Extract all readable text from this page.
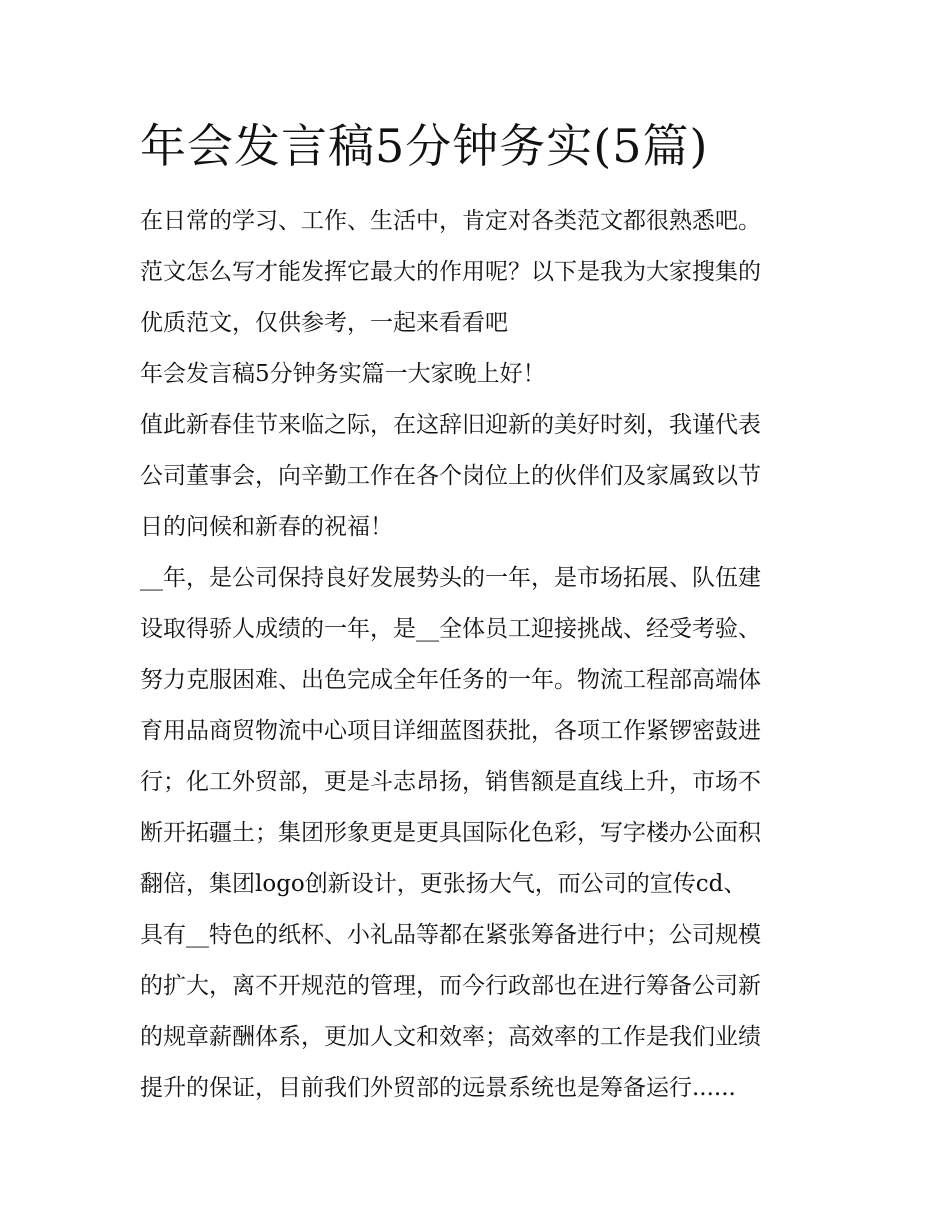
年会发言稿5分钟务实(5篇)

在日常的学习、工作、生活中，肯定对各类范文都很熟悉吧。

范文怎么写才能发挥它最大的作用呢？以下是我为大家搜集的

优质范文，仅供参考，一起来看看吧

年会发言稿5分钟务实篇一大家晚上好！

值此新春佳节来临之际，在这辞旧迎新的美好时刻，我谨代表

公司董事会，向辛勤工作在各个岗位上的伙伴们及家属致以节

日的问候和新春的祝福！

__年，是公司保持良好发展势头的一年，是市场拓展、队伍建

设取得骄人成绩的一年，是__全体员工迎接挑战、经受考验、

努力克服困难、出色完成全年任务的一年。物流工程部高端体

育用品商贸物流中心项目详细蓝图获批，各项工作紧锣密鼓进

行；化工外贸部，更是斗志昂扬，销售额是直线上升，市场不

断开拓疆土；集团形象更是更具国际化色彩，写字楼办公面积

翻倍，集团logo创新设计，更张扬大气，而公司的宣传cd、

具有__特色的纸杯、小礼品等都在紧张筹备进行中；公司规模

的扩大，离不开规范的管理，而今行政部也在进行筹备公司新

的规章薪酬体系，更加人文和效率；高效率的工作是我们业绩

提升的保证，目前我们外贸部的远景系统也是筹备运行......
